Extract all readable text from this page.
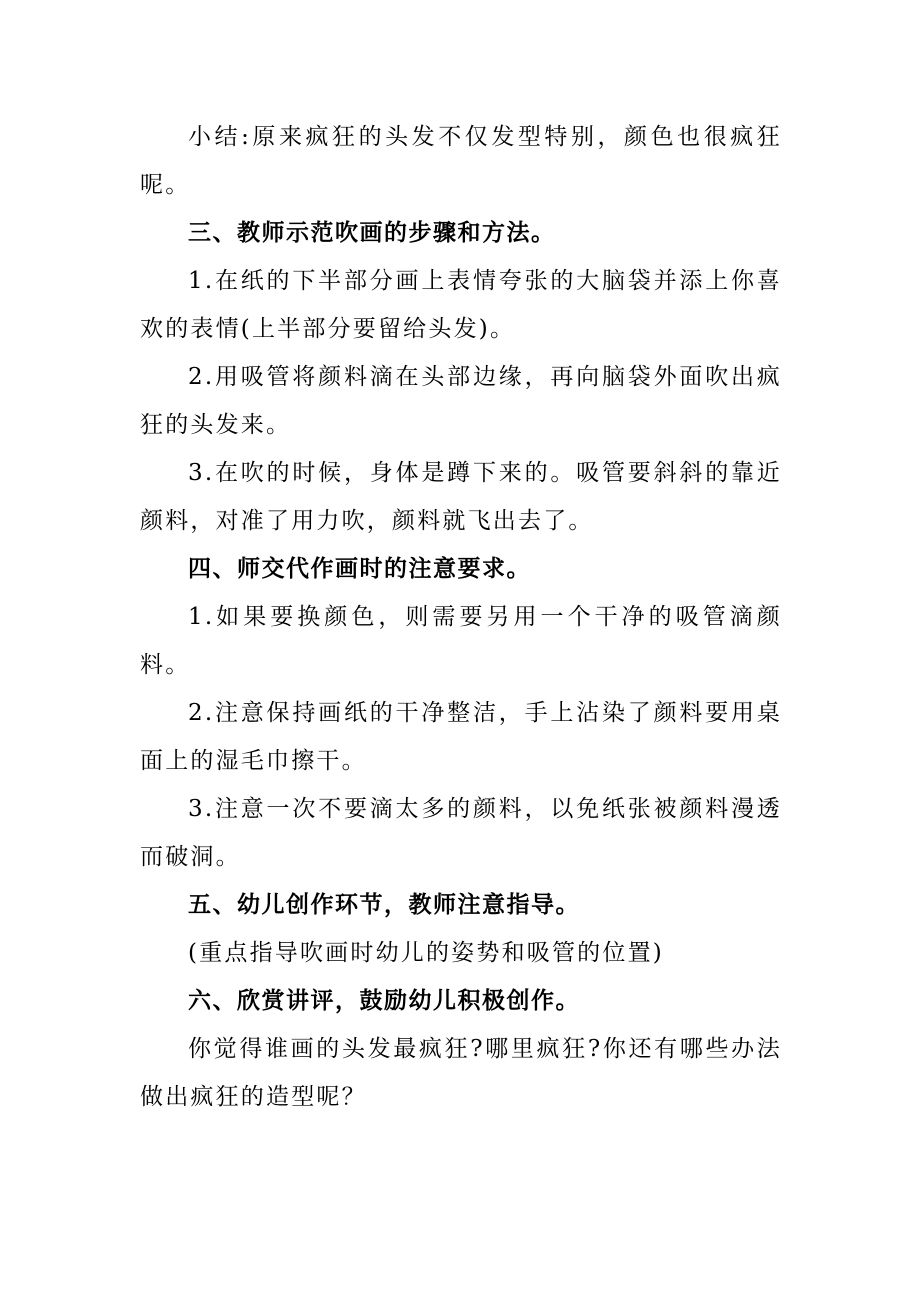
小结:原来疯狂的头发不仅发型特别，颜色也很疯狂呢。

三、教师示范吹画的步骤和方法。

1.在纸的下半部分画上表情夸张的大脑袋并添上你喜欢的表情(上半部分要留给头发)。

2.用吸管将颜料滴在头部边缘，再向脑袋外面吹出疯狂的头发来。

3.在吹的时候，身体是蹲下来的。吸管要斜斜的靠近颜料，对准了用力吹，颜料就飞出去了。

四、师交代作画时的注意要求。

1.如果要换颜色，则需要另用一个干净的吸管滴颜料。

2.注意保持画纸的干净整洁，手上沾染了颜料要用桌面上的湿毛巾擦干。

3.注意一次不要滴太多的颜料，以免纸张被颜料漫透而破洞。

五、幼儿创作环节，教师注意指导。

(重点指导吹画时幼儿的姿势和吸管的位置)

六、欣赏讲评，鼓励幼儿积极创作。

你觉得谁画的头发最疯狂?哪里疯狂?你还有哪些办法做出疯狂的造型呢？
